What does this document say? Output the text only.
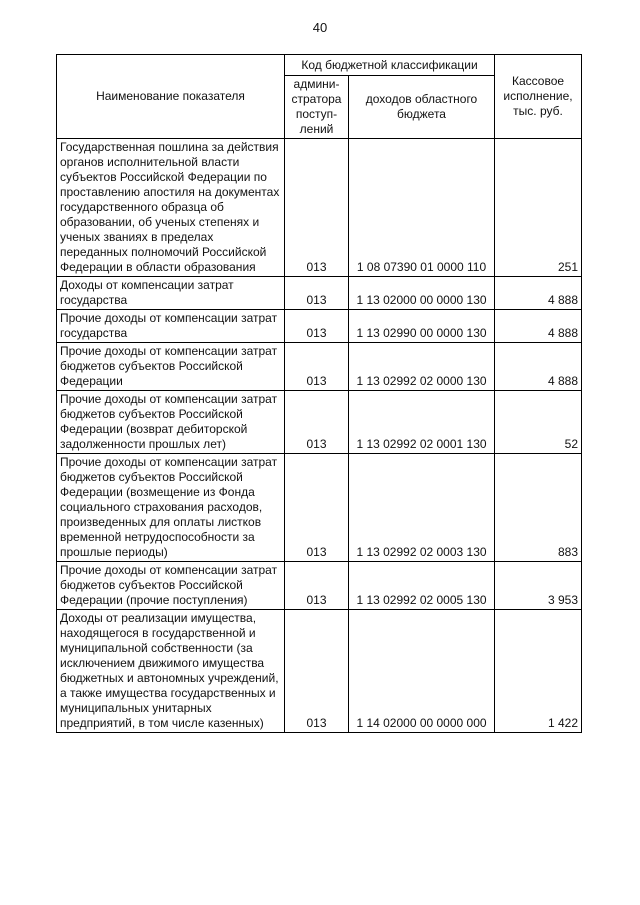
40
Наименование показателя	Код бюджетной классификации		Кассовое исполнение, тыс. руб.
	админи-стратора поступ-лений	доходов областного бюджета	
Государственная пошлина за действия органов исполнительной власти субъектов Российской Федерации по проставлению апостиля на документах государственного образца об образовании, об ученых степенях и ученых званиях в пределах переданных полномочий Российской Федерации в области образования	013	1 08 07390 01 0000 110	251
Доходы от компенсации затрат государства	013	1 13 02000 00 0000 130	4 888
Прочие доходы от компенсации затрат государства	013	1 13 02990 00 0000 130	4 888
Прочие доходы от компенсации затрат бюджетов субъектов Российской Федерации	013	1 13 02992 02 0000 130	4 888
Прочие доходы от компенсации затрат бюджетов субъектов Российской Федерации (возврат дебиторской задолженности прошлых лет)	013	1 13 02992 02 0001 130	52
Прочие доходы от компенсации затрат бюджетов субъектов Российской Федерации (возмещение из Фонда социального страхования расходов, произведенных для оплаты листков временной нетрудоспособности за прошлые периоды)	013	1 13 02992 02 0003 130	883
Прочие доходы от компенсации затрат бюджетов субъектов Российской Федерации (прочие поступления)	013	1 13 02992 02 0005 130	3 953
Доходы от реализации имущества, находящегося в государственной и муниципальной собственности (за исключением движимого имущества бюджетных и автономных учреждений, а также имущества государственных и муниципальных унитарных предприятий, в том числе казенных)	013	1 14 02000 00 0000 000	1 422
